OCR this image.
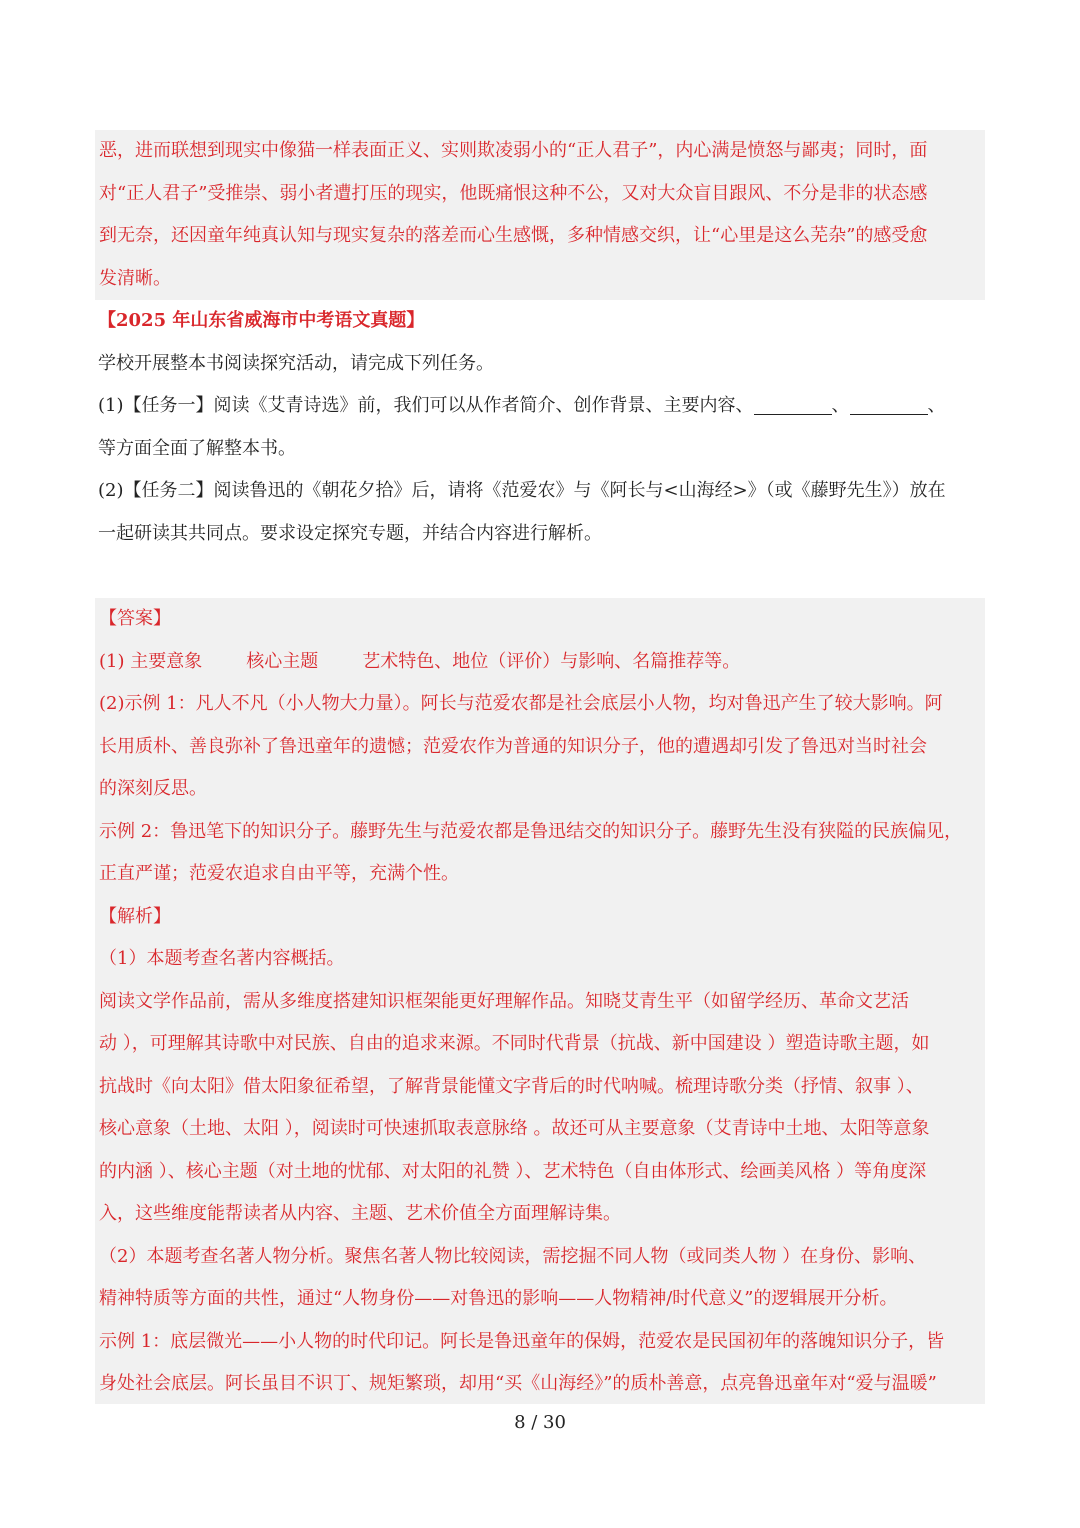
恶，进而联想到现实中像猫一样表面正义、实则欺凌弱小的“正人君子”，内心满是愤怒与鄙夷；同时，面
对“正人君子”受推崇、弱小者遭打压的现实，他既痛恨这种不公，又对大众盲目跟风、不分是非的状态感
到无奈，还因童年纯真认知与现实复杂的落差而心生感慨，多种情感交织，让“心里是这么芜杂”的感受愈
发清晰。
【2025 年山东省威海市中考语文真题】
学校开展整本书阅读探究活动，请完成下列任务。
(1)【任务一】阅读《艾青诗选》前，我们可以从作者简介、创作背景、主要内容、	、	、
等方面全面了解整本书。
(2)【任务二】阅读鲁迅的《朝花夕拾》后，请将《范爱农》与《阿长与<山海经>》（或《藤野先生》）放在
一起研读其共同点。要求设定探究专题，并结合内容进行解析。
【答案】
(1) 主要意象 核心主题 艺术特色、地位（评价）与影响、名篇推荐等。
(2)示例 1：凡人不凡（小人物大力量）。阿长与范爱农都是社会底层小人物，均对鲁迅产生了较大影响。阿
长用质朴、善良弥补了鲁迅童年的遗憾；范爱农作为普通的知识分子，他的遭遇却引发了鲁迅对当时社会
的深刻反思。
示例 2：鲁迅笔下的知识分子。藤野先生与范爱农都是鲁迅结交的知识分子。藤野先生没有狭隘的民族偏见，
正直严谨；范爱农追求自由平等，充满个性。
【解析】
（1）本题考查名著内容概括。
阅读文学作品前，需从多维度搭建知识框架能更好理解作品。知晓艾青生平（如留学经历、革命文艺活
动 ），可理解其诗歌中对民族、自由的追求来源。不同时代背景（抗战、新中国建设 ）塑造诗歌主题，如
抗战时《向太阳》借太阳象征希望，了解背景能懂文字背后的时代呐喊。梳理诗歌分类（抒情、叙事 ）、
核心意象（土地、太阳 ），阅读时可快速抓取表意脉络 。故还可从主要意象（艾青诗中土地、太阳等意象
的内涵 ）、核心主题（对土地的忧郁、对太阳的礼赞 ）、艺术特色（自由体形式、绘画美风格 ）等角度深
入，这些维度能帮读者从内容、主题、艺术价值全方面理解诗集。
（2）本题考查名著人物分析。聚焦名著人物比较阅读，需挖掘不同人物（或同类人物 ）在身份、影响、
精神特质等方面的共性，通过“人物身份——对鲁迅的影响——人物精神/时代意义”的逻辑展开分析。
示例 1：底层微光——小人物的时代印记。阿长是鲁迅童年的保姆，范爱农是民国初年的落魄知识分子，皆
身处社会底层。阿长虽目不识丁、规矩繁琐，却用“买《山海经》”的质朴善意，点亮鲁迅童年对“爱与温暖”
8 / 30
